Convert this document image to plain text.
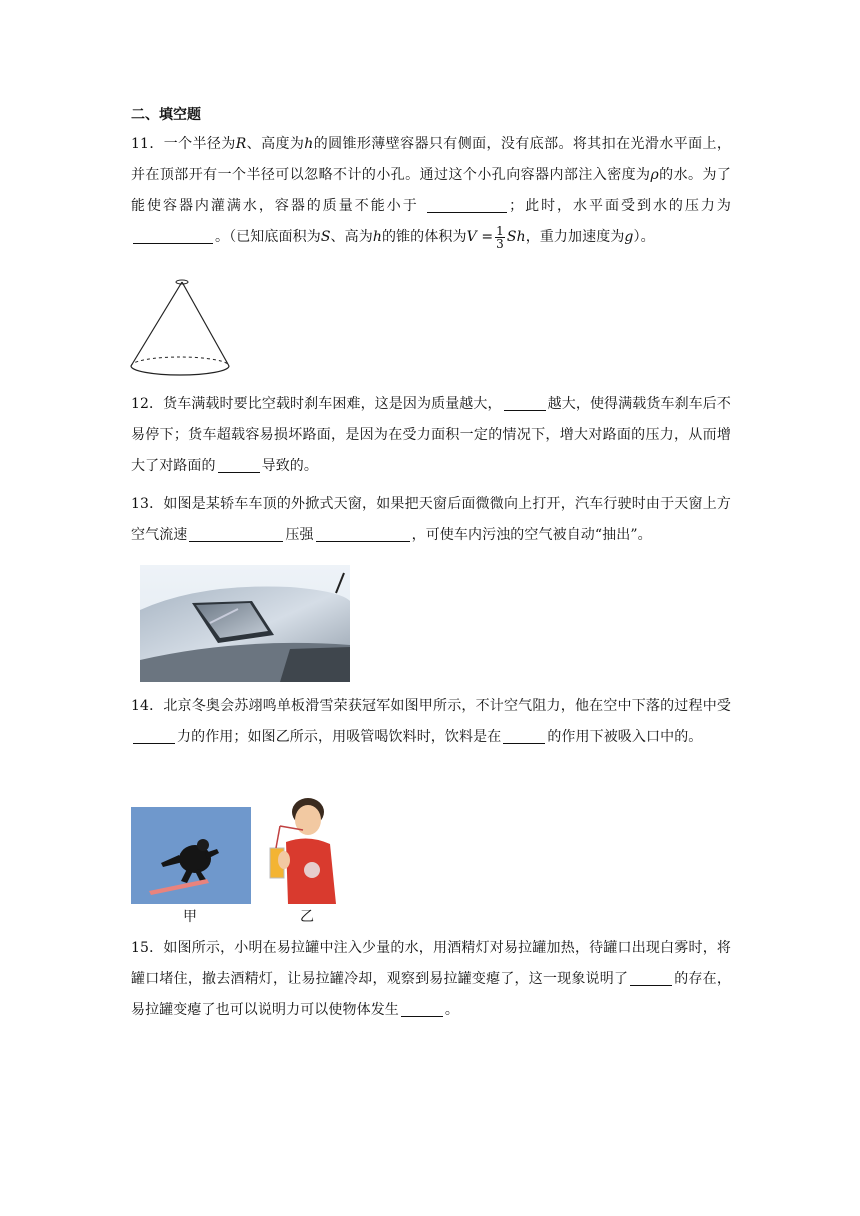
二、填空题
11．一个半径为R、高度为h的圆锥形薄壁容器只有侧面，没有底部。将其扣在光滑水平面上，并在顶部开有一个半径可以忽略不计的小孔。通过这个小孔向容器内部注入密度为ρ的水。为了能使容器内灌满水，容器的质量不能小于	；此时，水平面受到水的压力为 。（已知底面积为S、高为h的锥的体积为$V = \frac{1}{3}$ Sh，重力加速度为g）。
12．货车满载时要比空载时刹车困难，这是因为质量越大，	越大，使得满载货车刹车后不易停下；货车超载容易损坏路面，是因为在受力面积一定的情况下，增大对路面的压力，从而增大了对路面的	导致的。
13．如图是某轿车车顶的外掀式天窗，如果把天窗后面微微向上打开，汽车行驶时由于天窗上方空气流速	压强	，可使车内污浊的空气被自动“抽出”。
14．北京冬奥会苏翊鸣单板滑雪荣获冠军如图甲所示，不计空气阻力，他在空中下落的过程中受力的作用；如图乙所示，用吸管喝饮料时，饮料是在	的作用下被吸入口中的。
甲	乙
15．如图所示，小明在易拉罐中注入少量的水，用酒精灯对易拉罐加热，待罐口出现白雾时，将罐口堵住，撤去酒精灯，让易拉罐冷却，观察到易拉罐变瘪了，这一现象说明了	的存在，易拉罐变瘪了也可以说明力可以使物体发生	。
